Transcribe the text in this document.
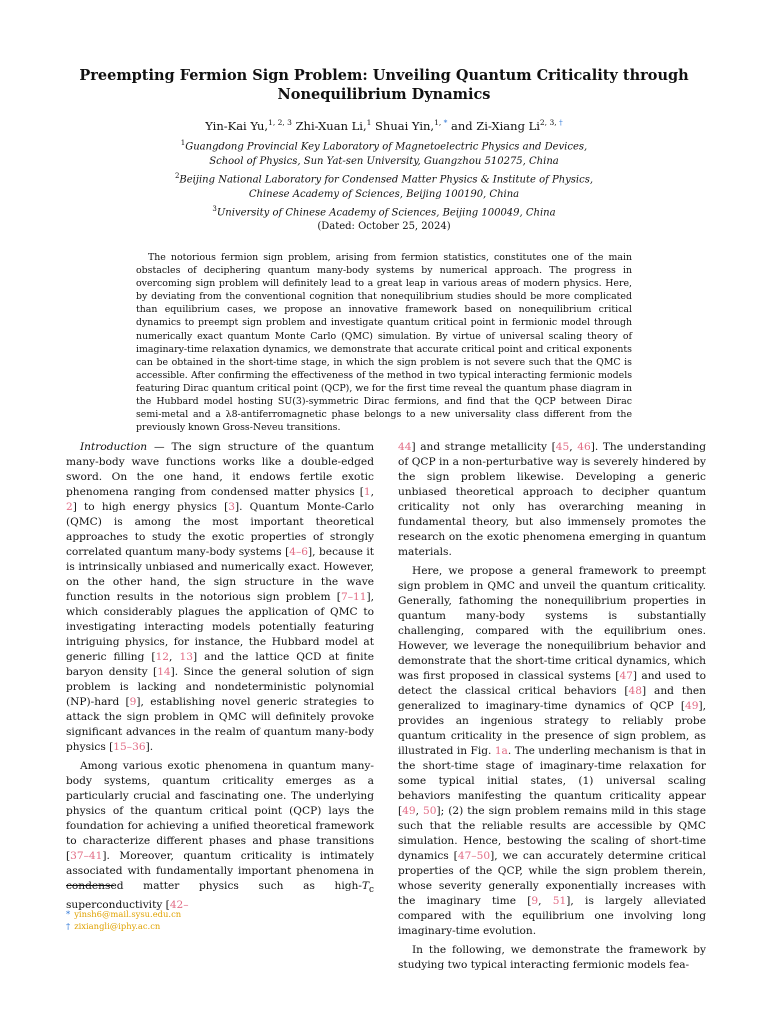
Preempting Fermion Sign Problem: Unveiling Quantum Criticality through Nonequilibrium Dynamics
Yin-Kai Yu,$^{1, 2, 3}$ Zhi-Xuan Li,$^1$ Shuai Yin,$^{1, *}$ and Zi-Xiang $Li^{2, 3, \dagger}$
$^1$Guangdong Provincial Key Laboratory of Magnetoelectric Physics and Devices,
School of Physics, Sun Yat-sen University, Guangzhou 510275, China
$^2$Beijing National Laboratory for Condensed Matter Physics & Institute of Physics,
Chinese Academy of Sciences, Beijing 100190, China
$^3$University of Chinese Academy of Sciences, Beijing 100049, China
(Dated: October 25, 2024)
The notorious fermion sign problem, arising from fermion statistics, constitutes one of the main obstacles of deciphering quantum many-body systems by numerical approach. The progress in overcoming sign problem will definitely lead to a great leap in various areas of modern physics. Here, by deviating from the conventional cognition that nonequilibrium studies should be more complicated than equilibrium cases, we propose an innovative framework based on nonequilibrium critical dynamics to preempt sign problem and investigate quantum critical point in fermionic model through numerically exact quantum Monte Carlo (QMC) simulation. By virtue of universal scaling theory of imaginary-time relaxation dynamics, we demonstrate that accurate critical point and critical exponents can be obtained in the short-time stage, in which the sign problem is not severe such that the QMC is accessible. After confirming the effectiveness of the method in two typical interacting fermionic models featuring Dirac quantum critical point (QCP), we for the first time reveal the quantum phase diagram in the Hubbard model hosting SU(3)-symmetric Dirac fermions, and find that the QCP between Dirac semi-metal and a λ8-antiferromagnetic phase belongs to a new universality class different from the previously known Gross-Neveu transitions.

Introduction — The sign structure of the quantum many-body wave functions works like a double-edged sword. On the one hand, it endows fertile exotic phenomena ranging from condensed matter physics [1, 2] to high energy physics [3]. Quantum Monte-Carlo (QMC) is among the most important theoretical approaches to study the exotic properties of strongly correlated quantum many-body systems [4–6], because it is intrinsically unbiased and numerically exact. However, on the other hand, the sign structure in the wave function results in the notorious sign problem [7–11], which considerably plagues the application of QMC to investigating interacting models potentially featuring intriguing physics, for instance, the Hubbard model at generic filling [12, 13] and the lattice QCD at finite baryon density [14]. Since the general solution of sign problem is lacking and nondeterministic polynomial (NP)-hard [9], establishing novel generic strategies to attack the sign problem in QMC will definitely provoke significant advances in the realm of quantum many-body physics [15–36].

Among various exotic phenomena in quantum many-body systems, quantum criticality emerges as a particularly crucial and fascinating one. The underlying physics of the quantum critical point (QCP) lays the foundation for achieving a unified theoretical framework to characterize different phases and phase transitions [37–41]. Moreover, quantum criticality is intimately associated with fundamentally important phenomena in condensed matter physics such as high-$T_c$ superconductivity [42–

44] and strange metallicity [45, 46]. The understanding of QCP in a non-perturbative way is severely hindered by the sign problem likewise. Developing a generic unbiased theoretical approach to decipher quantum criticality not only has overarching meaning in fundamental theory, but also immensely promotes the research on the exotic phenomena emerging in quantum materials.

Here, we propose a general framework to preempt sign problem in QMC and unveil the quantum criticality. Generally, fathoming the nonequilibrium properties in quantum many-body systems is substantially challenging, compared with the equilibrium ones. However, we leverage the nonequilibrium behavior and demonstrate that the short-time critical dynamics, which was first proposed in classical systems [47] and used to detect the classical critical behaviors [48] and then generalized to imaginary-time dynamics of QCP [49], provides an ingenious strategy to reliably probe quantum criticality in the presence of sign problem, as illustrated in Fig. 1a. The underling mechanism is that in the short-time stage of imaginary-time relaxation for some typical initial states, (1) universal scaling behaviors manifesting the quantum criticality appear [49, 50]; (2) the sign problem remains mild in this stage such that the reliable results are accessible by QMC simulation. Hence, bestowing the scaling of short-time dynamics [47–50], we can accurately determine critical properties of the QCP, while the sign problem therein, whose severity generally exponentially increases with the imaginary time [9, 51], is largely alleviated compared with the equilibrium one involving long imaginary-time evolution.

In the following, we demonstrate the framework by studying two typical interacting fermionic models fea-

* yinsh6@mail.sysu.edu.cn
† zixiangli@iphy.ac.cn
